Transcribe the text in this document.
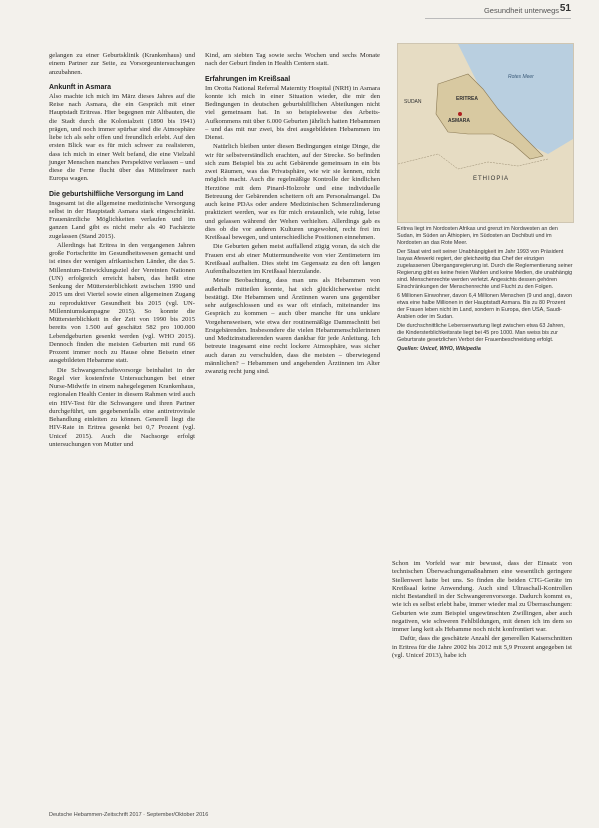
Gesundheit unterwegs 51

gelangen zu einer Geburtsklinik (Krankenhaus) und einem Partner zur Seite, zu Vorsorgeuntersuchungen anzubahnen.

Ankunft in Asmara

Also machte ich mich im März dieses Jahres auf die Reise nach Asmara, die ein Gespräch mit einer Hauptstadt Eritreas. Hier begegnen mir Altbauten, die die Stadt durch die Kolonialzeit (1890 bis 1941) prägen, und noch immer spürbar sind die Atmosphäre liebe ich als sehr offen und freundlich erlebt. Auf den ersten Blick war es für mich schwer zu realisieren, dass ich mich in einer Welt befand, die eine Vielzahl junger Menschen manches Perspektive verlassen – und diese die Ferne flucht über das Mittelmeer nach Europa wagen.

Die geburtshilfliche Versorgung im Land

Insgesamt ist die allgemeine medizinische Versorgung selbst in der Hauptstadt Asmara stark eingeschränkt. Frauenärztliche Möglichkeiten verlaufen und im ganzen Land gibt es nicht mehr als 40 Fachärzte zugelassen (Stand 2015).

Allerdings hat Eritrea in den vergangenen Jahren große Fortschritte im Gesundheitswesen gemacht und ist eines der wenigen afrikanischen Länder, die das 5. Millennium-Entwicklungsziel der Vereinten Nationen (UN) erfolgreich erreicht haben, das heißt eine Senkung der Müttersterblichkeit zwischen 1990 und 2015 um drei Viertel sowie einen allgemeinen Zugang zu reproduktiver Gesundheit bis 2015 (vgl. UN-Millenniumskampagne 2015). So konnte die Müttersterblichkeit in der Zeit von 1990 bis 2015 bereits von 1.500 auf geschätzt 582 pro 100.000 Lebendgeburten gesenkt werden (vgl. WHO 2015). Dennoch finden die meisten Geburten mit rund 66 Prozent immer noch zu Hause ohne Beisein einer ausgebildeten Hebamme statt.

Die Schwangerschaftsvorsorge beinhaltet in der Regel vier kostenfreie Untersuchungen bei einer Nurse-Midwife in einem nahegelegenen Krankenhaus, regionalen Health Center in diesem Rahmen wird auch ein HIV-Test für die Schwangere und ihren Partner durchgeführt, um gegebenenfalls eine antiretrovirale Behandlung einleiten zu können. Generell liegt die HIV-Rate in Eritrea gesenkt bei 0,7 Prozent (vgl. Unicef 2015). Auch die Nachsorge erfolgt untersuchungen von Mutter und

Kind, am siebten Tag sowie sechs Wochen und sechs Monate nach der Geburt finden in Health Centern statt.

Erfahrungen im Kreißsaal

Im Orotta National Referral Maternity Hospital (NRH) in Asmara konnte ich mich in einer Situation wieder, die mir den Bedingungen in deutschen geburtshilflichen Abteilungen nicht viel gemeinsam hat. In so beispielsweise des Arbeits-Aufkommens mit über 6.000 Geburten jährlich hatten Hebammen – und das mit nur zwei, bis drei ausgebildeten Hebammen im Dienst.

Natürlich bleiben unter diesen Bedingungen einige Dinge, die wir für selbstverständlich erachten, auf der Strecke. So befinden sich zum Beispiel bis zu acht Gebärende gemeinsam in ein bis zwei Räumen, was das Privatsphäre, wie wir sie kennen, nicht möglich macht. Auch die regelmäßige Kontrolle der kindlichen Herztöne mit dem Pinard-Holzrohr und eine individuelle Betreuung der Gebärenden scheitern oft am Personalmangel. Da auch keine PDAs oder andere Medizinischen Schmerzlinderung praktiziert werden, war es für mich erstaunlich, wie ruhig, leise und gelassen während der Wehen verhielten. Allerdings gab es dies ob die vor anderen Kulturen ungewohnt, recht frei im Kreißsaal bewegen, und unterschiedliche Positionen einnehmen.

Die Geburten gehen meist auffallend zügig voran, da sich die Frauen erst ab einer Muttermundweite von vier Zentimetern im Kreißsaal aufhalten. Dies steht im Gegensatz zu den oft langen Aufenthaltszeiten im Kreißsaal hierzulande.

Meine Beobachtung, dass man uns als Hebammen von außerhalb mitteilen konnte, hat sich glücklicherweise nicht bestätigt. Die Hebammen und Ärztinnen waren uns gegenüber sehr aufgeschlossen und es war oft einfach, miteinander ins Gespräch zu kommen – auch über manche für uns unklare Vorgehensweisen, wie etwa der routinemäßige Dammschnitt bei Erstgebärenden. Insbesondere die vielen Hebammenschülerinnen und Medizinstudierenden waren dankbar für jede Anleitung. Ich betreute insgesamt eine recht lockere Atmosphäre, was sicher auch daran zu verschulden, dass die meisten – überwiegend männlichen? – Hebammen und angehenden Ärztinnen im Alter zwanzig recht jung sind.

SUDAN	ERITREA
ASMARA
ETHIOPIA
Rotes Meer

Eritrea liegt im Nordosten Afrikas und grenzt im Nordwesten an den Sudan, im Süden an Äthiopien, im Südosten an Dschibuti und im Nordosten an das Rote Meer.

Der Staat wird seit seiner Unabhängigkeit im Jahr 1993 von Präsident Isayas Afewerki regiert, der gleichzeitig das Chef der einzigen zugelassenen Übergangsregierung ist. Durch die Reglementierung seiner Regierung gibt es keine freien Wahlen und keine Medien, die unabhängig sind. Menschenrechte werden verletzt. Angesichts dessen gehören Einschränkungen der Menschenrechte und Flucht zu den Folgen.

6 Millionen Einwohner, davon 6,4 Millionen Menschen (9 und ang), davon etwa eine halbe Millionen in der Hauptstadt Asmara. Bis zu 80 Prozent der Frauen leben nicht im Land, sondern in Europa, den USA, Saudi-Arabien oder im Sudan.

Die durchschnittliche Lebenserwartung liegt zwischen etwa 63 Jahren, die Kindersterblichkeitsrate liegt bei 45 pro 1000. Man weiss bis zur Geburtsrate gesetzlichen Verbot der Frauenbeschneidung erfolgt.

Quellen: Unicef, WHO, Wikipedia

Schon im Vorfeld war mir bewusst, dass der Einsatz von technischen Überwachungsmaßnahmen eine wesentlich geringere Stellenwert hatte bei uns. So finden die beiden CTG-Geräte im Kreißsaal keine Anwendung. Auch sind Ultraschall-Kontrollen nicht Bestandteil in der Schwangerenvorsorge. Dadurch kommt es, wie ich es selbst erlebt habe, immer wieder mal zu Überraschungen: Geburten wie zum Beispiel ungewünschten Zwillingen, aber auch negativen, wie schweren Fehlbildungen, mit denen ich im dem so immer lang keit als Hebamme noch nicht konfrontiert war.

Dafür, dass die geschätzte Anzahl der generellen Kaiserschnitten in Eritrea für die Jahre 2002 bis 2012 mit 5,9 Prozent angegeben ist (vgl. Unicef 2013), habe ich

Deutsche Hebammen-Zeitschrift 2017 · September/Oktober 2016
